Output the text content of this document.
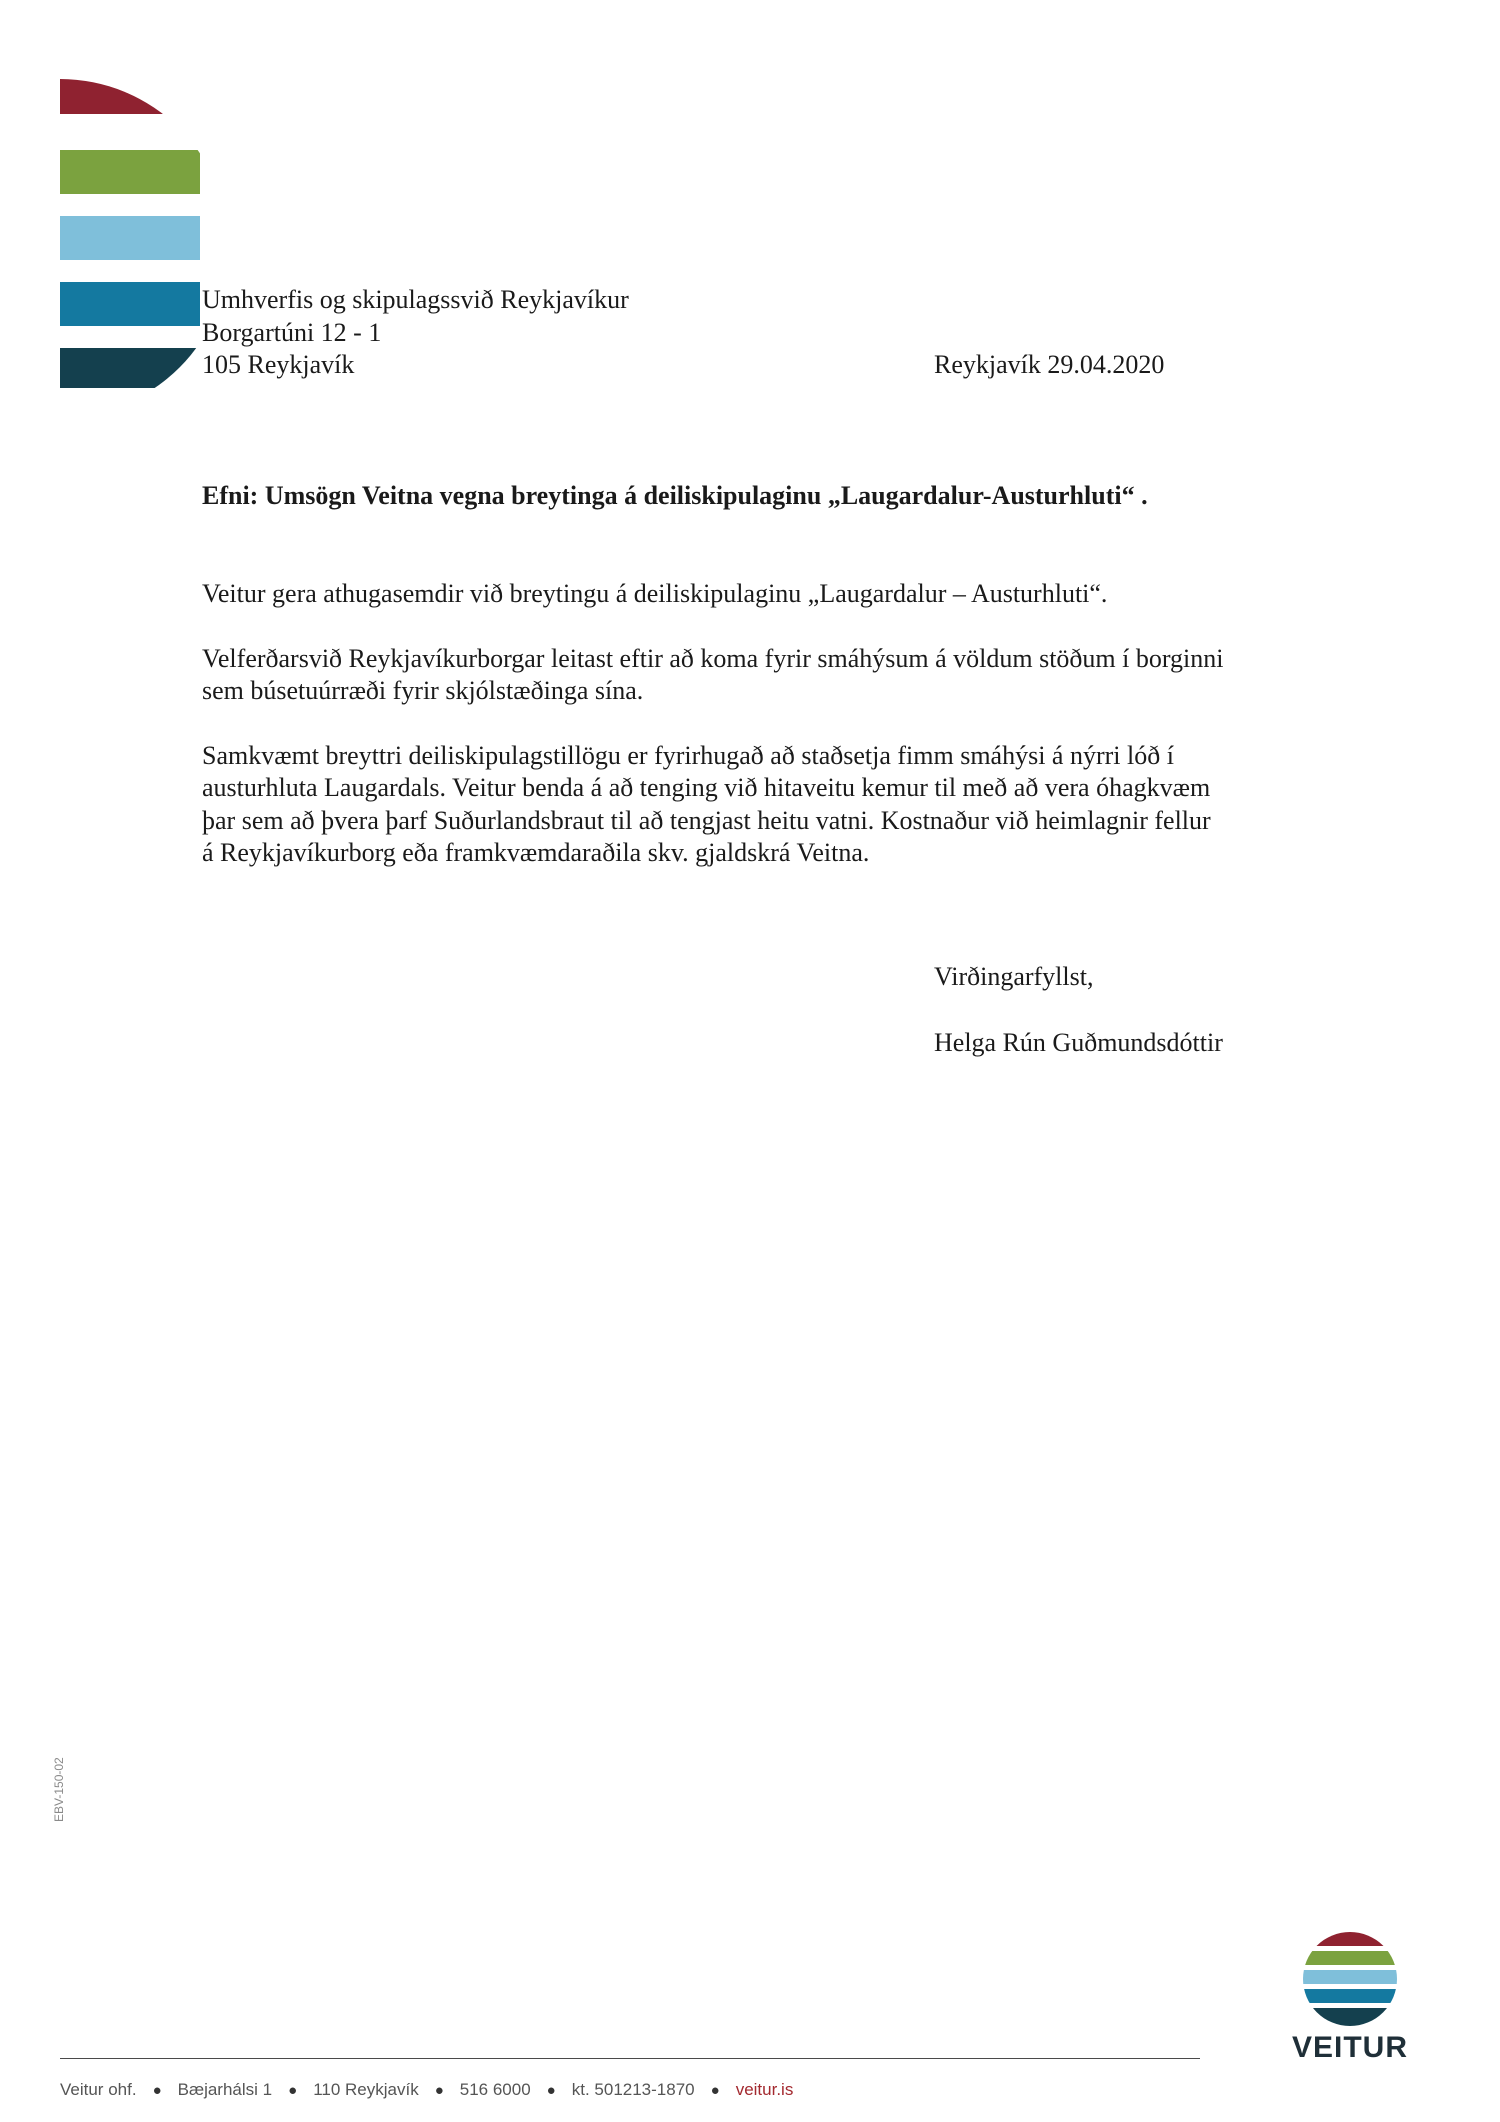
Umhverfis og skipulagssvið Reykjavíkur
Borgartúni 12 - 1
105 Reykjavík	Reykjavík 29.04.2020
Efni: Umsögn Veitna vegna breytinga á deiliskipulaginu „Laugardalur-Austurhluti“ .

Veitur gera athugasemdir við breytingu á deiliskipulaginu „Laugardalur – Austurhluti“.

Velferðarsvið Reykjavíkurborgar leitast eftir að koma fyrir smáhýsum á völdum stöðum í borginni
sem búsetuúrræði fyrir skjólstæðinga sína.

Samkvæmt breyttri deiliskipulagstillögu er fyrirhugað að staðsetja fimm smáhýsi á nýrri lóð í
austurhluta Laugardals. Veitur benda á að tenging við hitaveitu kemur til með að vera óhagkvæm
þar sem að þvera þarf Suðurlandsbraut til að tengjast heitu vatni. Kostnaður við heimlagnir fellur
á Reykjavíkurborg eða framkvæmdaraðila skv. gjaldskrá Veitna.

Virðingarfyllst,
Helga Rún Guðmundsdóttir
EBV-150-02
VEITUR
Veitur ohf. ● Bæjarhálsi 1 ● 110 Reykjavík ● 516 6000 ● kt. 501213-1870 ● veitur.is
